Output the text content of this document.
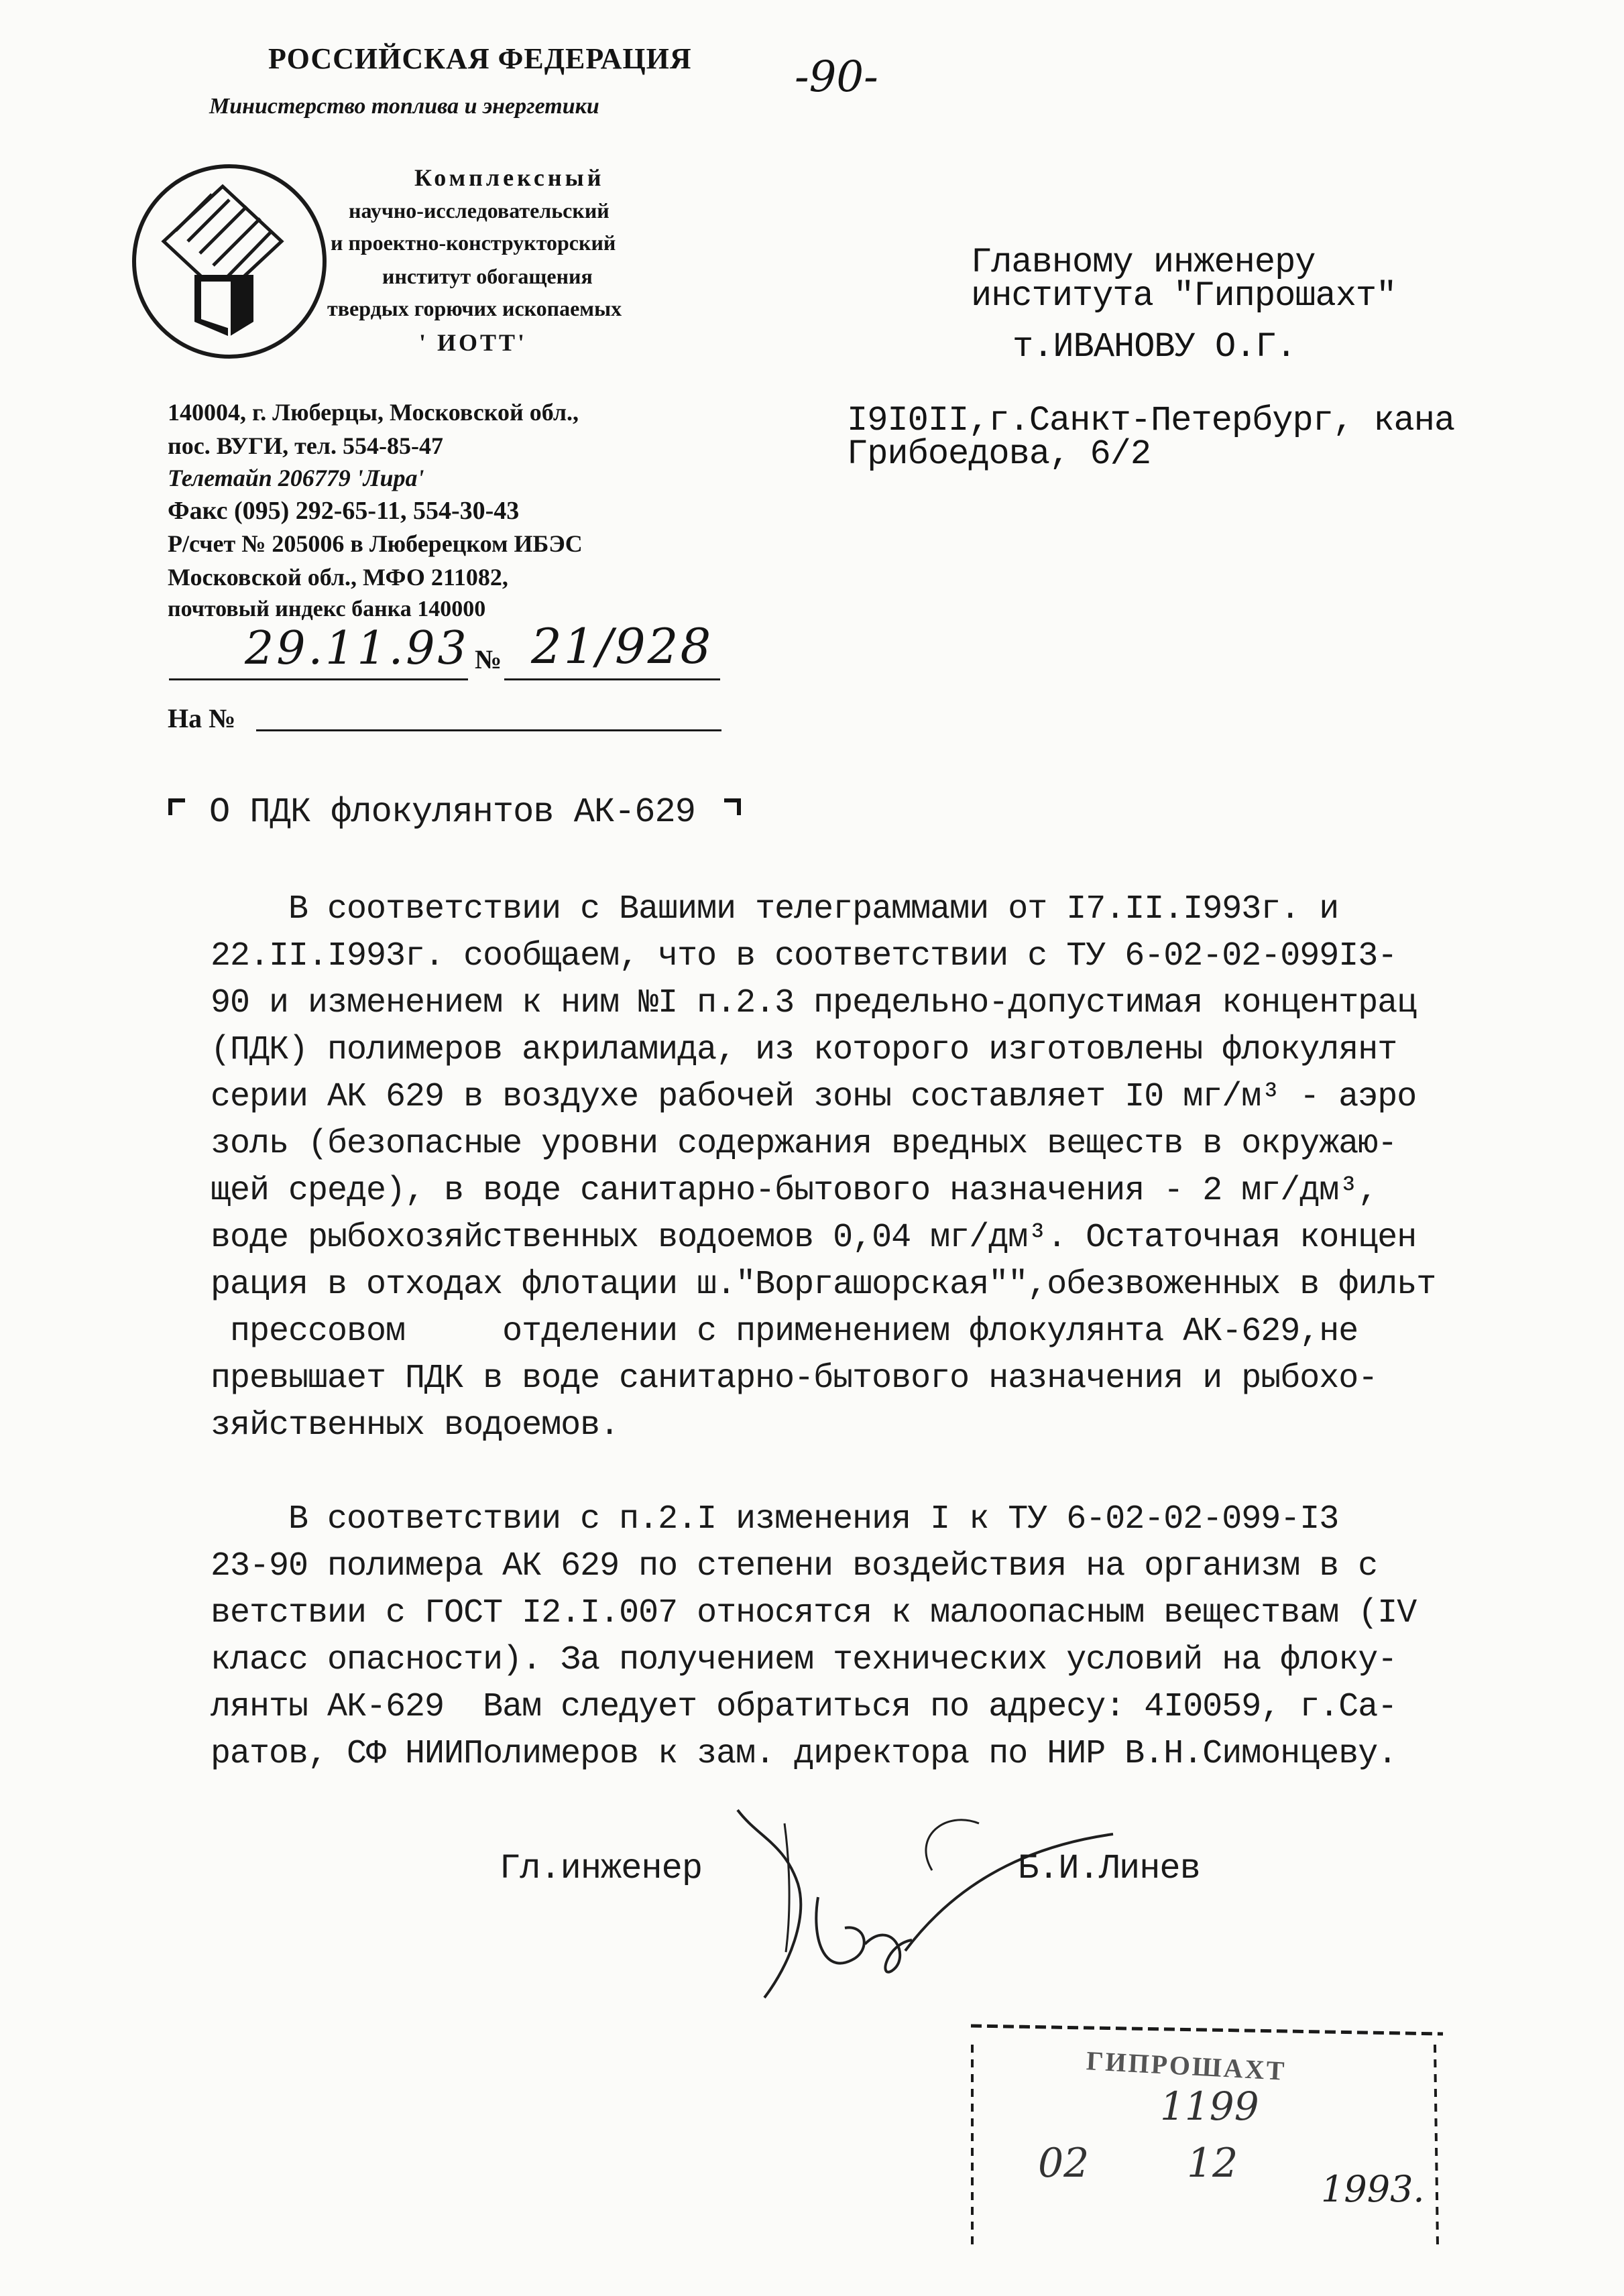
-90-
РОССИЙСКАЯ ФЕДЕРАЦИЯ
Министерство топлива и энергетики
Комплексный
научно-исследовательский
и проектно-конструкторский
институт обогащения
твердых горючих ископаемых
' ИОТТ'
140004, г. Люберцы, Московской обл.,
пос. ВУГИ, тел. 554-85-47
Телетайп 206779 'Лира'
Факс (095) 292-65-11, 554-30-43
Р/счет № 205006 в Люберецком ИБЭС
Московской обл., МФО 211082,
почтовый индекс банка 140000
29.11.93 № 21/928
На №
Главному инженеру
института "Гипрошахт"
т.ИВАНОВУ О.Г.
I9I0II,г.Санкт-Петербург, кана
Грибоедова, 6/2
О ПДК флокулянтов АК-629
В соответствии с Вашими телеграммами от I7.II.I993г. и
22.II.I993г. сообщаем, что в соответствии с ТУ 6-02-02-099I3-
90 и изменением к ним №I п.2.3 предельно-допустимая концентрац
(ПДК) полимеров акриламида, из которого изготовлены флокулянт
серии АК 629 в воздухе рабочей зоны составляет I0 мг/м³ - аэро
золь (безопасные уровни содержания вредных веществ в окружаю-
щей среде), в воде санитарно-бытового назначения - 2 мг/дм³,
воде рыбохозяйственных водоемов 0,04 мг/дм³. Остаточная концен
рация в отходах флотации ш."Воргашорская"",обезвоженных в фильт
прессовом     отделении с применением флокулянта АК-629,не
превышает ПДК в воде санитарно-бытового назначения и рыбохо-
зяйственных водоемов.
В соответствии с п.2.I изменения I к ТУ 6-02-02-099-I3
23-90 полимера АК 629 по степени воздействия на организм в с
ветствии с ГОСТ I2.I.007 относятся к малоопасным веществам (IV
класс опасности). За получением технических условий на флоку-
лянты АК-629  Вам следует обратиться по адресу: 4I0059, г.Са-
ратов, СФ НИИПолимеров к зам. директора по НИР В.Н.Симонцеву.
Гл.инженер	Б.И.Линев
ГИПРОШАХТ
1199
02 12
1993.
